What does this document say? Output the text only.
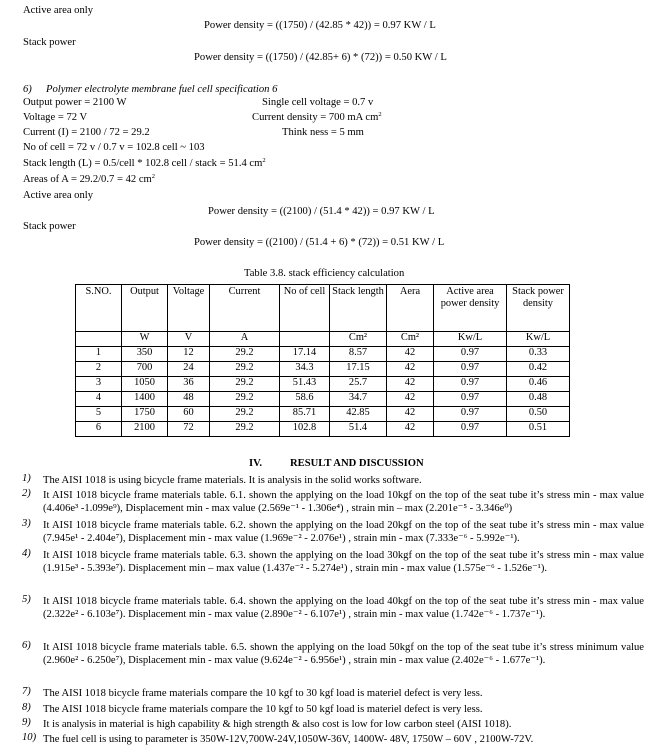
Active area only
Power density = ((1750) / (42.85 * 42)) = 0.97 KW / L
Stack power
Power density = ((1750) / (42.85+ 6) * (72)) = 0.50 KW / L
6) Polymer electrolyte membrane fuel cell specification 6
Output power = 2100 W	Single cell voltage = 0.7 v
Voltage = 72 V	Current density = 700 mA $cm^2$
Current (I) = 2100 / 72 = 29.2	Think ness = 5 mm
No of cell = 72 v / 0.7 v = 102.8 cell ~ 103
Stack length (L) = 0.5/cell * 102.8 cell / stack = 51.4 $cm^2$
Areas of A = 29.2/0.7 = 42 $cm^2$
Active area only
Power density = ((2100) / (51.4 * 42)) = 0.97 KW / L
Stack power
Power density = ((2100) / (51.4 + 6) * (72)) = 0.51 KW / L
Table 3.8. stack efficiency calculation
S.NO.	Output	Voltage	Current	No of cell	Stack length	Aera	Active area power density	Stack power density
	W	V	A		Cm²	Cm²	Kw/L	Kw/L
1	350	12	29.2	17.14	8.57	42	0.97	0.33
2	700	24	29.2	34.3	17.15	42	0.97	0.42
3	1050	36	29.2	51.43	25.7	42	0.97	0.46
4	1400	48	29.2	58.6	34.7	42	0.97	0.48
5	1750	60	29.2	85.71	42.85	42	0.97	0.50
6	2100	72	29.2	102.8	51.4	42	0.97	0.51
IV.	RESULT AND DISCUSSION
1) The AISI 1018 is using bicycle frame materials. It is analysis in the solid works software.
2) It AISI 1018 bicycle frame materials table. 6.1. shown the applying on the load 10kgf on the top of the seat tube it’s stress min - max value (4.406e³ -1.099e⁹), Displacement min - max value (2.569e⁻¹ - 1.306e⁴) , strain min – max (2.201e⁻⁵ - 3.346e⁰)
3) It AISI 1018 bicycle frame materials table. 6.2. shown the applying on the load 20kgf on the top of the seat tube it’s stress min - max value (7.945e¹ - 2.404e⁷), Displacement min - max value (1.969e⁻² - 2.076e¹) , strain min - max (7.333e⁻⁶ - 5.992e⁻¹).
4) It AISI 1018 bicycle frame materials table. 6.3. shown the applying on the load 30kgf on the top of the seat tube it’s stress min - max value (1.915e³ - 5.393e⁷). Displacement min – max value (1.437e⁻² - 5.274e¹) , strain min - max value (1.575e⁻⁶ - 1.526e⁻¹).
5) It AISI 1018 bicycle frame materials table. 6.4. shown the applying on the load 40kgf on the top of the seat tube it’s stress min - max value (2.322e² - 6.103e⁷). Displacement min - max value (2.890e⁻² - 6.107e¹) , strain min - max value (1.742e⁻⁶ - 1.737e⁻¹).
6) It AISI 1018 bicycle frame materials table. 6.5. shown the applying on the load 50kgf on the top of the seat tube it’s stress minimum value (2.960e² - 6.250e⁷), Displacement min - max value (9.624e⁻² - 6.956e¹) , strain min - max value (2.402e⁻⁶ - 1.677e⁻¹).
7) The AISI 1018 bicycle frame materials compare the 10 kgf to 30 kgf load is materiel defect is very less.
8) The AISI 1018 bicycle frame materials compare the 10 kgf to 50 kgf load is materiel defect is very less.
9) It is analysis in material is high capability & high strength & also cost is low for low carbon steel (AISI 1018).
10) The fuel cell is using to parameter is 350W-12V,700W-24V,1050W-36V, 1400W- 48V, 1750W – 60V , 2100W-72V.
